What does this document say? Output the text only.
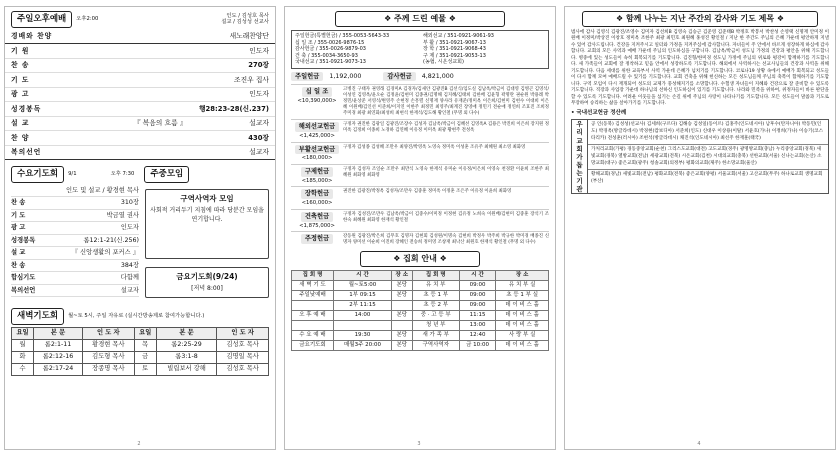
주일오후예배	오후2:00
인도 / 김성호 목사
설교 / 김성성 선교사
경배와 찬양	새노래찬양단
기 원	인도자
찬 송	270장
기 도	조진우 집사
광 고	인도자
성경봉독	행28:23-28(신.237)
설 교	『 복음의 흐름 』	설교자
찬 양	430장
복의선언	설교자
수요기도회	9/1	오후 7:30	주중모임
인도 및 설교 / 황경현 목사
찬 송	310장
기 도	박금열 권사
광 고	인도자
성경봉독	롬12:1-21(신.256)
설 교	『 신앙생활의 포커스 』
찬 송	384장
합심기도	다함께
복의선언	설교자
구역사역자 모임
사회적 거리두기 지침에 따라 당분간 모임을 연기합니다.
금요기도회(9/24)
[저녁 8:00]
새벽기도회	월~토 5시, 주일 자유로 (실시간방송제로 참여가능합니다.)
요일	본 문	인 도 자	요일	본 문	인 도 자
월	롬2:1-11	황경현 목사	목	롬2:25-29	김성호 목사
화	롬2:12-16	김도형 목사	금	롬3:1-8	김명일 목사
수	롬2:17-24	장종명 목사	토	빌립보서 강해	김성호 목사
2
❖ 주께 드린 예물 ❖
주일헌금(특별헌금) / 355-0053-5643-33
십 일 조 / 355-0026-9876-15
감사헌금 / 355-0026-9879-03
건 축 / 355-0034-3650-93
국내선교 / 351-0921-9073-13
해외선교 / 351-0921-9061-93
부 활 / 351-0921-9067-13
장 학 / 351-0921-9068-43
구 제 / 351-0921-9053-13
(농협, 시온성교회)
주일헌금	1,192,000	감사헌금	4,821,000
십 일 조
<10,390,000>
고병진 구태자 권영래 김경미A 김경자/김새얀 김광진B 김선식/임도실 김남옥/박금이 김대영 김병곤 김영석/이성연 김영옥/윤오순 김정윤/김현미 김종권/김명해 김지혜/김태희 김한배 김윤형 곽명란 권순원 박용례 박정민/윤상준 서영석/변영주 손현정 손흥렬 신명재 양사라 유재준/정미옥 이은희/김현미 김현수 이대희 이은혜 이원배/김인선 이준희/이지연 이한주 최정민 최영주/최계진 장영애 정민기 전순애 정연희 조효진 조희정 주미경 최광 최연화/최성희 최현석 한재석/김도해 황인철 (무명 외 다수)
해외선교헌금
<1,425,000>
구정자 권진한 김광일 김광진/조장수 김성자 김남옥/박금이 김혜선 김영옥A 김용은 박진희 이은희 장지원 정미옥 김정희 이종희 노경하 김연혜 이유정 이미옥 최광 황현주 전성옥
부활선교헌금
<180,000>
구정자 김성종 김성혜 조만우 최양진/박영옥 노영숙 정미옥 이성훈 조유주 최혜원 최소영 최화영
구제헌금
<185,000>
구정자 김성자 조일순 조만우 최만식 노영숙 한재석 유미순 이유정/이은희 이영숙 천경환 이윤희 조한주 최혜원 최화영 최화영
장학헌금
<160,000>
권진한 김광진/박정옥 김성자/조만우 김중훈 정미옥 이정훈 조은주 이유정 이윤희 최화영
건축헌금
<1,875,000>
구정자 김성진/조만우 김남옥/박금이 김중수/이미정 이정현 김유정 노희숙 이원배/김현미 김중훈 장석기 조한숙 최혜원 최화영 한재석 황인철
주정헌금	강동원 김광진/박은희 김무호 김명자 김현회 김성원/이명숙 김현희 박정우 박주희 박규한 박미경 배종진 신명자 양미선 이순희 이진희 장혜인 전승희 정미영 조창재 최낙산 최원호 한재석 황인철 (무명 외 다수)
❖ 집회 안내 ❖
집 회 명	시 간	장 소	집 회 명	시 간	장 소
새 벽 기 도	월~토5:00	본당	유 치 부	09:00	유 치 부 실
주일낮예배	1부 09:15	본당	초 등 1 부	09:00	초 등 1 부 실
	2부 11:15		초 등 2 부	09:00	데 이 비 스 홀
오 후 예 배	14:00	본당	중 · 고 등 부	11:15	데 이 비 스 홀
			청 년 부	13:00	데 이 비 스 홀
수 요 예 배	19:30	본당	새 가 족 부	12:40	사 랑 부 실
금요기도회	매월3주 20:00	본당	구역사역자	금 10:00	데 이 비 스 홀
3
❖ 함께 나누는 지난 주간의 감사와 기도 제목 ❖
범사에 감사 김영식 김광진/조영수 김미자 김선희B 김영숙 김승근 김준영 김준태B 박정호 박봉서 박찬성 손영택 신명재 안미정 이원배 이정미/박상진 이창호 정미옥 조한주 최광 최민호 최원혜 홍성진 황인철 / 지난 한 주간도 주님의 은혜 가운데 평안하게 지낼 수 있어 감사드립니다. 건강을 지켜주시고 일터와 가정을 지켜주심에 감사합니다. 자녀들이 주 안에서 바르게 성장하게 하심에 감사합니다. 교회의 모든 사역과 예배 가운데 주님의 인도하심을 구합니다. 김남옥/박금이 성도님 가정의 건강과 평안을 위해 기도합니다. 병중에 있는 성도들이 속히 회복되기를 기도합니다. 김진형/한미경 성도님 가정에 주님의 위로와 평강이 함께하기를 기도합니다. 새 가족들이 교회에 잘 정착하고 믿음 안에서 성장하도록 기도합니다. 해외에서 사역하시는 선교사님들의 건강과 사역을 위해 기도합니다. 다음 세대를 위한 교육부서 사역 가운데 은혜가 넘치기를 기도합니다. 코로나19 상황 속에서 예배가 회복되고 성도들이 다시 함께 모여 예배드릴 수 있기를 기도합니다. 교회 건축을 위해 헌신하는 모든 성도님들께 주님의 축복이 함께하기를 기도합니다. 구역 모임이 다시 재개되어 성도의 교제가 풍성해지기를 소망합니다. 수험생 자녀들이 지혜와 건강으로 잘 준비할 수 있도록 기도합니다. 직장과 사업장 가운데 하나님의 선하신 인도하심이 있기를 기도합니다. 나라와 민족을 위하여, 위정자들이 바른 판단을 할 수 있도록 기도합니다. 어려운 이웃들을 섬기는 손길 위에 주님의 사랑이 나타나기를 기도합니다. 모든 성도들이 말씀과 기도로 무장하여 승리하는 삶을 살아가기를 기도합니다.
• 국내선교헌금 정산례
우
리
교
회
가
돕
는
기
관
공 인(동북) 김성성(선교사) 김세희(구르다) 김해승 김성일(동이르) 김홍주(인도네시아) 남후수(탄자니아) 박동민(인도) 박경옥(방글라데시) 박경현(캄보디아) 서준희(인도) 신대우 이상용(이탈) 서윤호(가나) 이정희(가나) 이승기(코스타리카) 전성훈(러시아) 조현석(방글라데시) 채진석(인도네시아) 최선주 한재훈(태국)
가처리교회(가평) 경동중앙교회(순천) 그리스도교회(대전) 고도교회(경주) 광명방교회(충남) 누리중앙교회(경북) 새빛교회(경북) 열방교회(전남) 세광교회(전북) 시온교회(김천) 시대의교회(충북) 선한교회(서울) 신나는교회(논산) 소망교회(대구) 좋은교회(광주) 청솔교회(의정부) 평화의교회(제주) 한소망교회(울산)
황해교회(경남) 새빛교회(전남) 평화교회(전북) 좋은교회(양평) 서울교회(서울) 고산교회(무주) 하나로교회 생명교회(부산)
4
